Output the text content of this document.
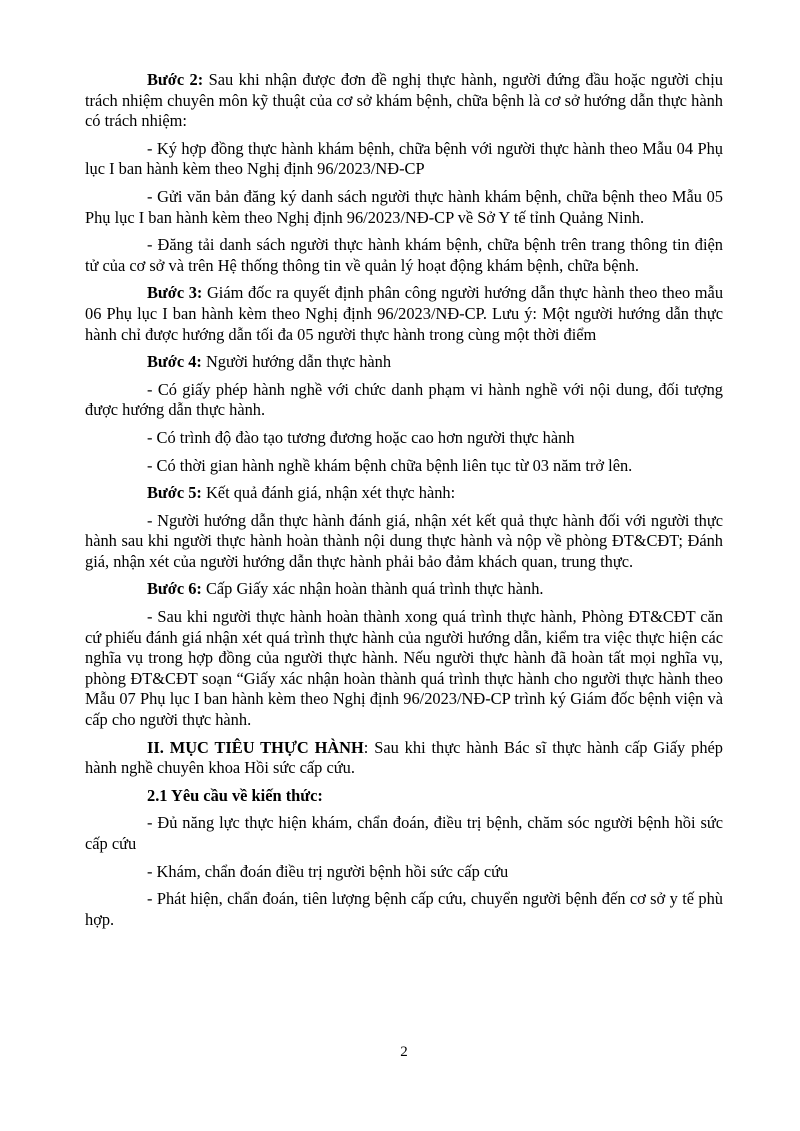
Bước 2: Sau khi nhận được đơn đề nghị thực hành, người đứng đầu hoặc người chịu trách nhiệm chuyên môn kỹ thuật của cơ sở khám bệnh, chữa bệnh là cơ sở hướng dẫn thực hành có trách nhiệm:

- Ký hợp đồng thực hành khám bệnh, chữa bệnh với người thực hành theo Mẫu 04 Phụ lục I ban hành kèm theo Nghị định 96/2023/NĐ-CP

- Gửi văn bản đăng ký danh sách người thực hành khám bệnh, chữa bệnh theo Mẫu 05 Phụ lục I ban hành kèm theo Nghị định 96/2023/NĐ-CP về Sở Y tế tỉnh Quảng Ninh.

- Đăng tải danh sách người thực hành khám bệnh, chữa bệnh trên trang thông tin điện tử của cơ sở và trên Hệ thống thông tin về quản lý hoạt động khám bệnh, chữa bệnh.

Bước 3: Giám đốc ra quyết định phân công người hướng dẫn thực hành theo theo mẫu 06 Phụ lục I ban hành kèm theo Nghị định 96/2023/NĐ-CP. Lưu ý: Một người hướng dẫn thực hành chỉ được hướng dẫn tối đa 05 người thực hành trong cùng một thời điểm

Bước 4: Người hướng dẫn thực hành

- Có giấy phép hành nghề với chức danh phạm vi hành nghề với nội dung, đối tượng được hướng dẫn thực hành.

- Có trình độ đào tạo tương đương hoặc cao hơn người thực hành

- Có thời gian hành nghề khám bệnh chữa bệnh liên tục từ 03 năm trở lên.

Bước 5: Kết quả đánh giá, nhận xét thực hành:

- Người hướng dẫn thực hành đánh giá, nhận xét kết quả thực hành đối với người thực hành sau khi người thực hành hoàn thành nội dung thực hành và nộp về phòng ĐT&CĐT; Đánh giá, nhận xét của người hướng dẫn thực hành phải bảo đảm khách quan, trung thực.

Bước 6: Cấp Giấy xác nhận hoàn thành quá trình thực hành.

- Sau khi người thực hành hoàn thành xong quá trình thực hành, Phòng ĐT&CĐT căn cứ phiếu đánh giá nhận xét quá trình thực hành của người hướng dẫn, kiểm tra việc thực hiện các nghĩa vụ trong hợp đồng của người thực hành. Nếu người thực hành đã hoàn tất mọi nghĩa vụ, phòng ĐT&CĐT soạn “Giấy xác nhận hoàn thành quá trình thực hành cho người thực hành theo Mẫu 07 Phụ lục I ban hành kèm theo Nghị định 96/2023/NĐ-CP trình ký Giám đốc bệnh viện và cấp cho người thực hành.

II. MỤC TIÊU THỰC HÀNH: Sau khi thực hành Bác sĩ thực hành cấp Giấy phép hành nghề chuyên khoa Hồi sức cấp cứu.

2.1 Yêu cầu về kiến thức:

- Đủ năng lực thực hiện khám, chẩn đoán, điều trị bệnh, chăm sóc người bệnh hồi sức cấp cứu

- Khám, chẩn đoán điều trị người bệnh hồi sức cấp cứu

- Phát hiện, chẩn đoán, tiên lượng bệnh cấp cứu, chuyển người bệnh đến cơ sở y tế phù hợp.

2
